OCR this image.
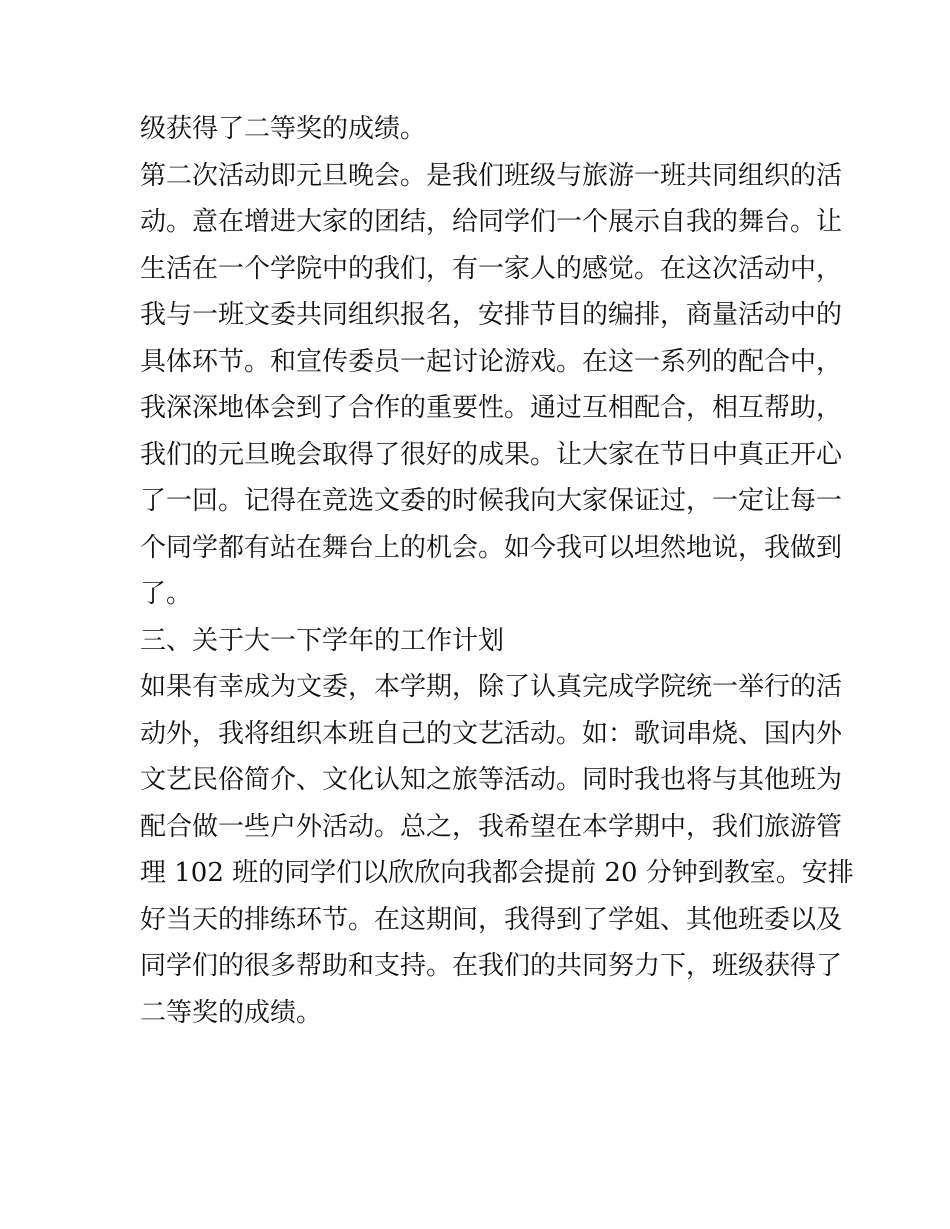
级获得了二等奖的成绩。
第二次活动即元旦晚会。是我们班级与旅游一班共同组织的活
动。意在增进大家的团结，给同学们一个展示自我的舞台。让
生活在一个学院中的我们，有一家人的感觉。在这次活动中，
我与一班文委共同组织报名，安排节目的编排，商量活动中的
具体环节。和宣传委员一起讨论游戏。在这一系列的配合中，
我深深地体会到了合作的重要性。通过互相配合，相互帮助，
我们的元旦晚会取得了很好的成果。让大家在节日中真正开心
了一回。记得在竞选文委的时候我向大家保证过，一定让每一
个同学都有站在舞台上的机会。如今我可以坦然地说，我做到
了。
三、关于大一下学年的工作计划
如果有幸成为文委，本学期，除了认真完成学院统一举行的活
动外，我将组织本班自己的文艺活动。如：歌词串烧、国内外
文艺民俗简介、文化认知之旅等活动。同时我也将与其他班为
配合做一些户外活动。总之，我希望在本学期中，我们旅游管
理 102 班的同学们以欣欣向我都会提前 20 分钟到教室。安排
好当天的排练环节。在这期间，我得到了学姐、其他班委以及
同学们的很多帮助和支持。在我们的共同努力下，班级获得了
二等奖的成绩。
